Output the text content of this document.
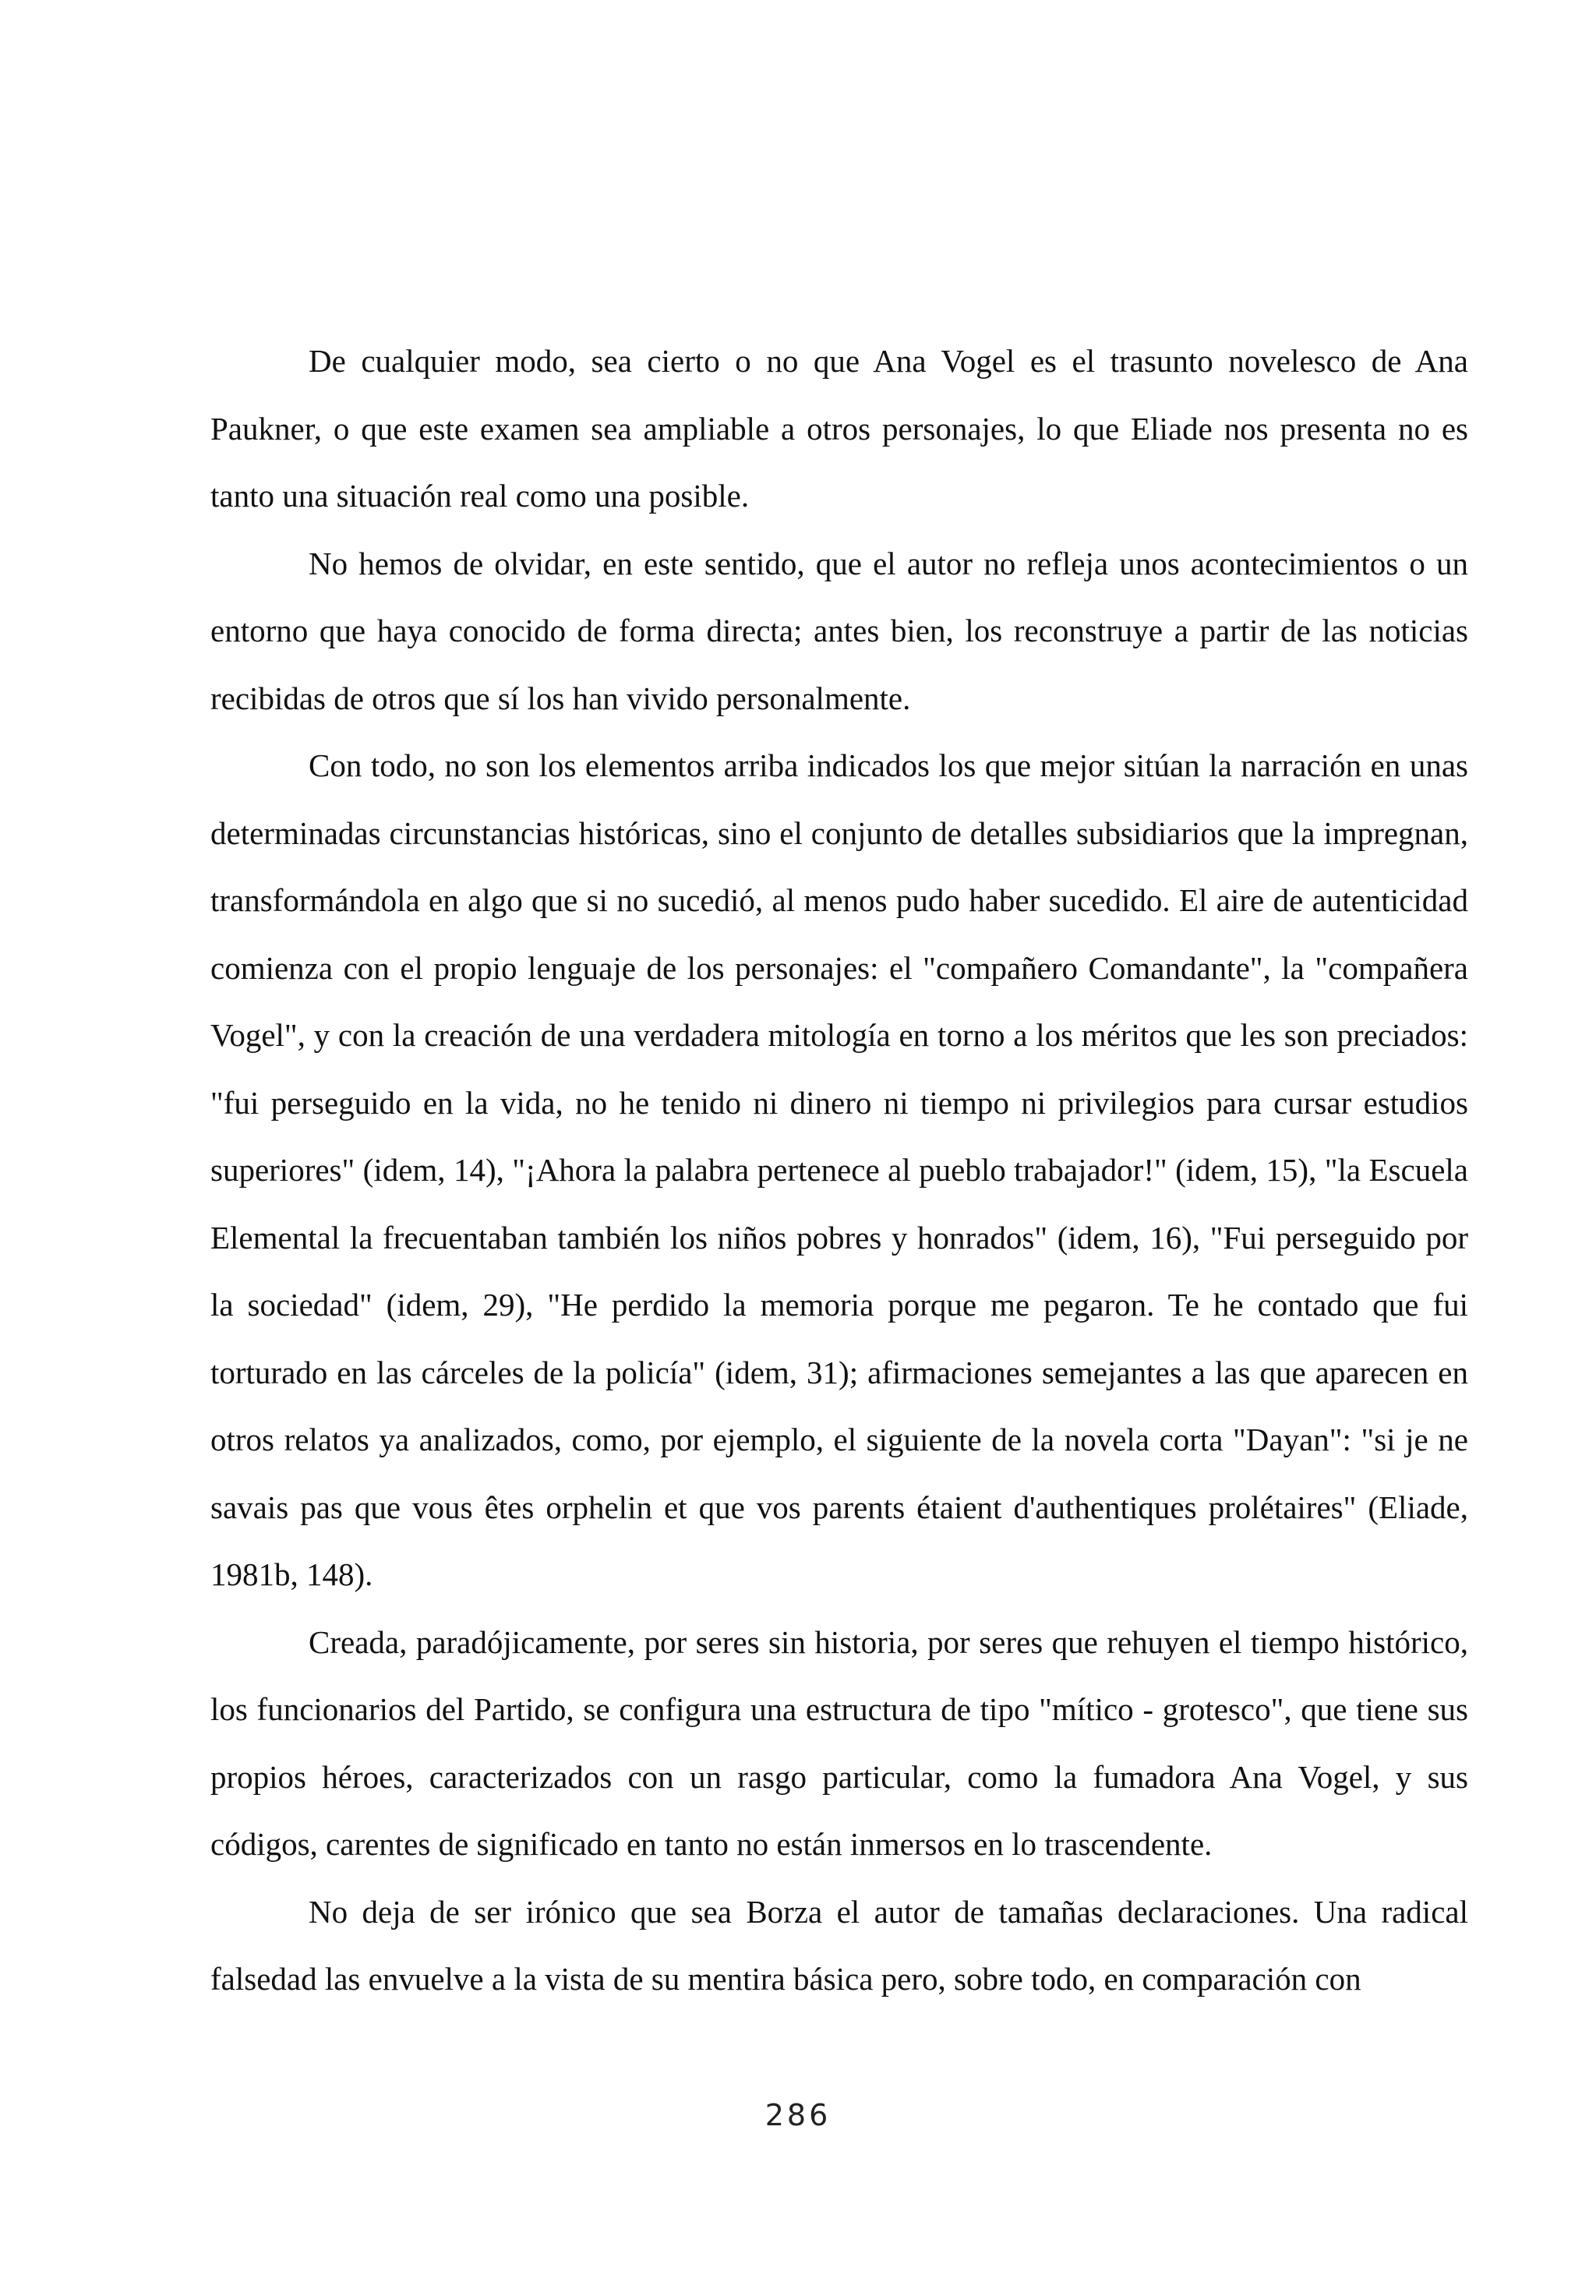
De cualquier modo, sea cierto o no que Ana Vogel es el trasunto novelesco de Ana Paukner, o que este examen sea ampliable a otros personajes, lo que Eliade nos presenta no es tanto una situación real como una posible.

No hemos de olvidar, en este sentido, que el autor no refleja unos acontecimientos o un entorno que haya conocido de forma directa; antes bien, los reconstruye a partir de las noticias recibidas de otros que sí los han vivido personalmente.

Con todo, no son los elementos arriba indicados los que mejor sitúan la narración en unas determinadas circunstancias históricas, sino el conjunto de detalles subsidiarios que la impregnan, transformándola en algo que si no sucedió, al menos pudo haber sucedido. El aire de autenticidad comienza con el propio lenguaje de los personajes: el "compañero Comandante", la "compañera Vogel", y con la creación de una verdadera mitología en torno a los méritos que les son preciados: "fui perseguido en la vida, no he tenido ni dinero ni tiempo ni privilegios para cursar estudios superiores" (idem, 14), "¡Ahora la palabra pertenece al pueblo trabajador!" (idem, 15), "la Escuela Elemental la frecuentaban también los niños pobres y honrados" (idem, 16), "Fui perseguido por la sociedad" (idem, 29), "He perdido la memoria porque me pegaron. Te he contado que fui torturado en las cárceles de la policía" (idem, 31); afirmaciones semejantes a las que aparecen en otros relatos ya analizados, como, por ejemplo, el siguiente de la novela corta "Dayan": "si je ne savais pas que vous êtes orphelin et que vos parents étaient d'authentiques prolétaires" (Eliade, 1981b, 148).

Creada, paradójicamente, por seres sin historia, por seres que rehuyen el tiempo histórico, los funcionarios del Partido, se configura una estructura de tipo "mítico - grotesco", que tiene sus propios héroes, caracterizados con un rasgo particular, como la fumadora Ana Vogel, y sus códigos, carentes de significado en tanto no están inmersos en lo trascendente.

No deja de ser irónico que sea Borza el autor de tamañas declaraciones. Una radical falsedad las envuelve a la vista de su mentira básica pero, sobre todo, en comparación con

286
